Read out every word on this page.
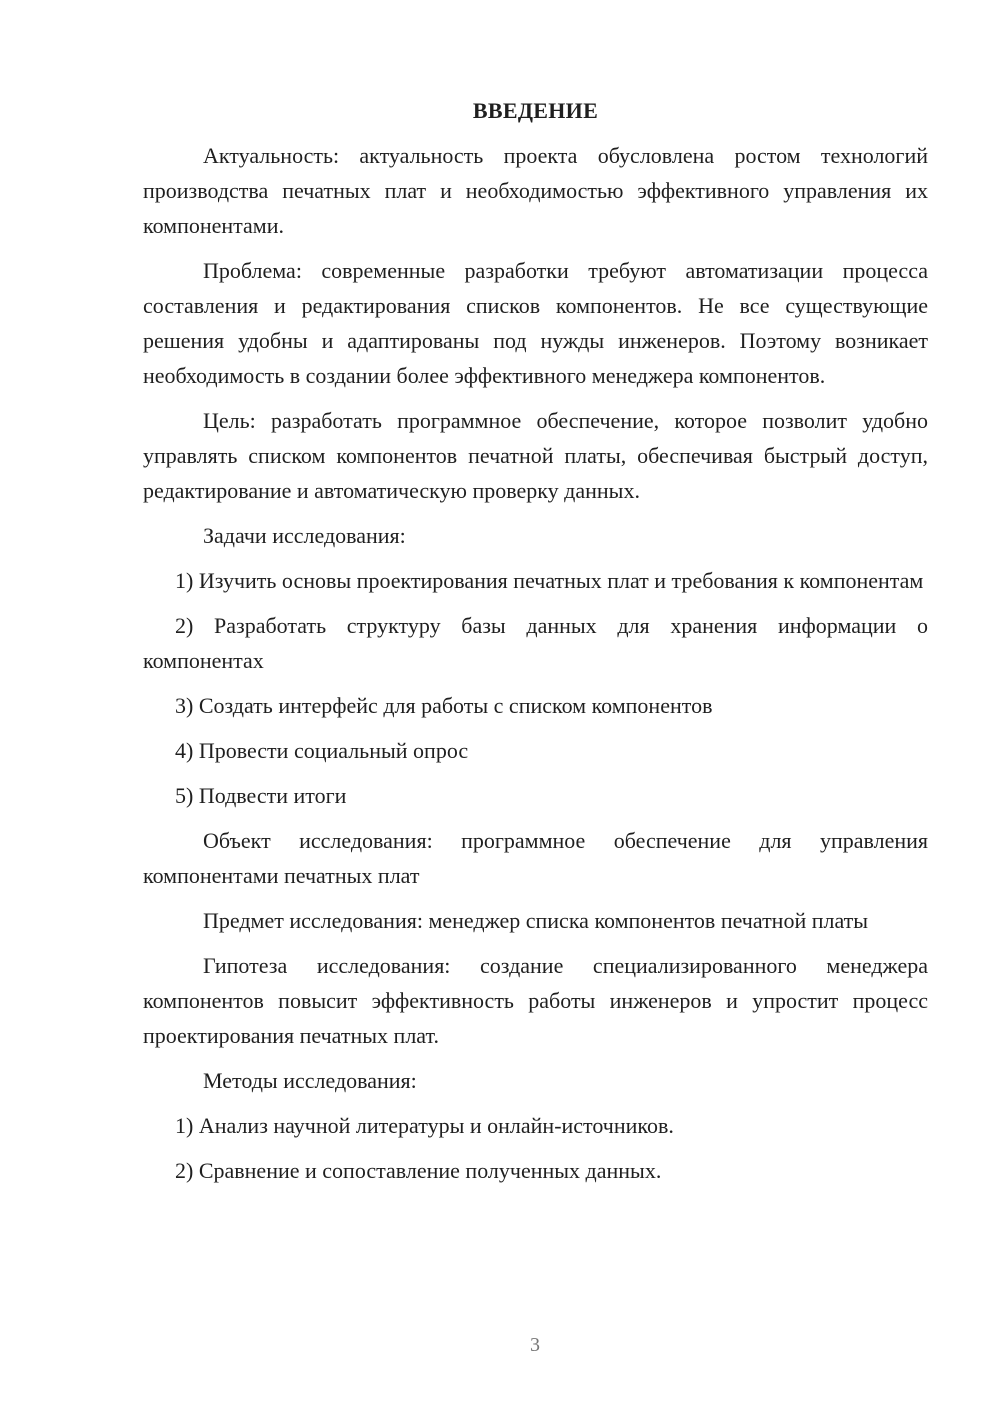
ВВЕДЕНИЕ

Актуальность: актуальность проекта обусловлена ростом технологий производства печатных плат и необходимостью эффективного управления их компонентами.

Проблема: современные разработки требуют автоматизации процесса составления и редактирования списков компонентов. Не все существующие решения удобны и адаптированы под нужды инженеров. Поэтому возникает необходимость в создании более эффективного менеджера компонентов.

Цель: разработать программное обеспечение, которое позволит удобно управлять списком компонентов печатной платы, обеспечивая быстрый доступ, редактирование и автоматическую проверку данных.

Задачи исследования:

1) Изучить основы проектирования печатных плат и требования к компонентам

2) Разработать структуру базы данных для хранения информации о компонентах

3) Создать интерфейс для работы с списком компонентов

4) Провести социальный опрос

5) Подвести итоги

Объект исследования: программное обеспечение для управления компонентами печатных плат

Предмет исследования: менеджер списка компонентов печатной платы

Гипотеза исследования: создание специализированного менеджера компонентов повысит эффективность работы инженеров и упростит процесс проектирования печатных плат.

Методы исследования:

1) Анализ научной литературы и онлайн-источников.

2) Сравнение и сопоставление полученных данных.

3
